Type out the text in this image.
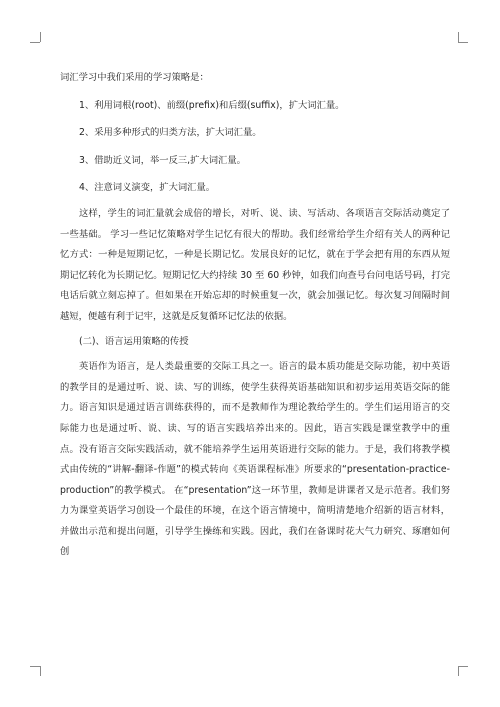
词汇学习中我们采用的学习策略是：

1、利用词根(root)、前缀(prefix)和后缀(suffix)，扩大词汇量。

2、采用多种形式的归类方法，扩大词汇量。

3、借助近义词，举一反三,扩大词汇量。

4、注意词义演变，扩大词汇量。

这样，学生的词汇量就会成倍的增长，对听、说、读、写活动、各项语言交际活动奠定了一些基础。 学习一些记忆策略对学生记忆有很大的帮助。我们经常给学生介绍有关人的两种记忆方式：一种是短期记忆，一种是长期记忆。发展良好的记忆，就在于学会把有用的东西从短期记忆转化为长期记忆。短期记忆大约持续 30 至 60 秒钟，如我们向查号台问电话号码，打完电话后就立刻忘掉了。但如果在开始忘却的时候重复一次，就会加强记忆。每次复习间隔时间越短，便越有利于记牢，这就是反复循环记忆法的依据。

(二)、语言运用策略的传授

英语作为语言，是人类最重要的交际工具之一。语言的最本质功能是交际功能，初中英语的教学目的是通过听、说、读、写的训练，使学生获得英语基础知识和初步运用英语交际的能力。语言知识是通过语言训练获得的，而不是教师作为理论教给学生的。学生们运用语言的交际能力也是通过听、说、读、写的语言实践培养出来的。因此，语言实践是课堂教学中的重点。没有语言交际实践活动，就不能培养学生运用英语进行交际的能力。于是，我们将教学模式由传统的“讲解-翻译-作题”的模式转向《英语课程标准》所要求的“presentation-practice-production”的教学模式。 在“presentation”这一环节里，教师是讲课者又是示范者。我们努力为课堂英语学习创设一个最佳的环境，在这个语言情境中，简明清楚地介绍新的语言材料，并做出示范和提出问题，引导学生操练和实践。因此，我们在备课时花大气力研究、琢磨如何创
